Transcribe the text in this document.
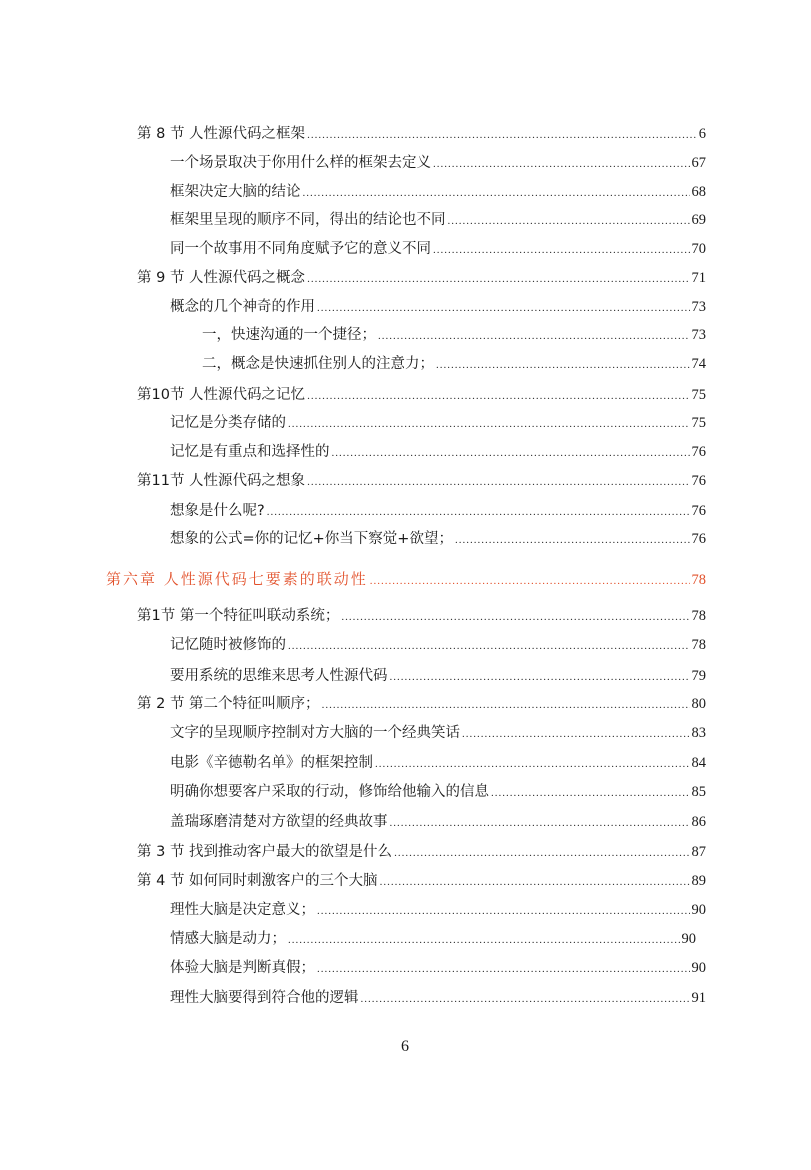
第 8 节 人性源代码之框架 .....	6
一个场景取决于你用什么样的框架去定义 .....	67
框架决定大脑的结论 .....	68
框架里呈现的顺序不同，得出的结论也不同 .....	69
同一个故事用不同角度赋予它的意义不同 .....	70
第 9 节 人性源代码之概念 .....	71
概念的几个神奇的作用 .....	73
一，快速沟通的一个捷径； .....	73
二，概念是快速抓住别人的注意力； .....	74
第10节 人性源代码之记忆 .....	75
记忆是分类存储的 .....	75
记忆是有重点和选择性的 .....	76
第11节 人性源代码之想象 .....	76
想象是什么呢? .....	76
想象的公式=你的记忆+你当下察觉+欲望； .....	76
第六章 人性源代码七要素的联动性 .....	78
第1节 第一个特征叫联动系统； .....	78
记忆随时被修饰的 .....	78
要用系统的思维来思考人性源代码 .....	79
第 2 节 第二个特征叫顺序； .....	80
文字的呈现顺序控制对方大脑的一个经典笑话 .....	83
电影《辛德勒名单》的框架控制 .....	84
明确你想要客户采取的行动，修饰给他输入的信息 .....	85
盖瑞琢磨清楚对方欲望的经典故事 .....	86
第 3 节 找到推动客户最大的欲望是什么 .....	87
第 4 节 如何同时刺激客户的三个大脑 .....	89
理性大脑是决定意义； .....	90
情感大脑是动力； .....	90
体验大脑是判断真假； .....	90
理性大脑要得到符合他的逻辑 .....	91
6
